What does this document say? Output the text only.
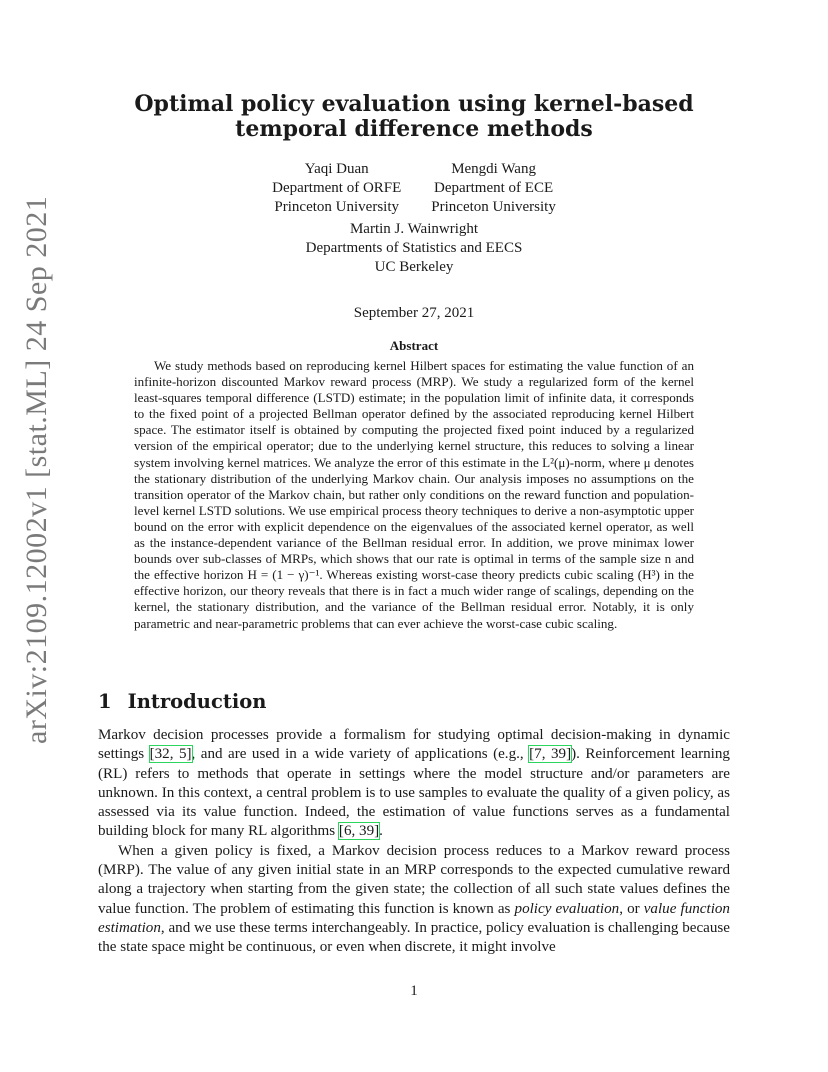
arXiv:2109.12002v1 [stat.ML] 24 Sep 2021
Optimal policy evaluation using kernel-based temporal difference methods
Yaqi Duan
Department of ORFE
Princeton University
Mengdi Wang
Department of ECE
Princeton University
Martin J. Wainwright
Departments of Statistics and EECS
UC Berkeley
September 27, 2021
Abstract

We study methods based on reproducing kernel Hilbert spaces for estimating the value function of an infinite-horizon discounted Markov reward process (MRP). We study a regularized form of the kernel least-squares temporal difference (LSTD) estimate; in the population limit of infinite data, it corresponds to the fixed point of a projected Bellman operator defined by the associated reproducing kernel Hilbert space. The estimator itself is obtained by computing the projected fixed point induced by a regularized version of the empirical operator; due to the underlying kernel structure, this reduces to solving a linear system involving kernel matrices. We analyze the error of this estimate in the L²(μ)-norm, where μ denotes the stationary distribution of the underlying Markov chain. Our analysis imposes no assumptions on the transition operator of the Markov chain, but rather only conditions on the reward function and population-level kernel LSTD solutions. We use empirical process theory techniques to derive a non-asymptotic upper bound on the error with explicit dependence on the eigenvalues of the associated kernel operator, as well as the instance-dependent variance of the Bellman residual error. In addition, we prove minimax lower bounds over sub-classes of MRPs, which shows that our rate is optimal in terms of the sample size n and the effective horizon H = (1 − γ)⁻¹. Whereas existing worst-case theory predicts cubic scaling (H³) in the effective horizon, our theory reveals that there is in fact a much wider range of scalings, depending on the kernel, the stationary distribution, and the variance of the Bellman residual error. Notably, it is only parametric and near-parametric problems that can ever achieve the worst-case cubic scaling.

1 Introduction

Markov decision processes provide a formalism for studying optimal decision-making in dynamic settings [32, 5], and are used in a wide variety of applications (e.g., [7, 39]). Reinforcement learning (RL) refers to methods that operate in settings where the model structure and/or parameters are unknown. In this context, a central problem is to use samples to evaluate the quality of a given policy, as assessed via its value function. Indeed, the estimation of value functions serves as a fundamental building block for many RL algorithms [6, 39].

When a given policy is fixed, a Markov decision process reduces to a Markov reward process (MRP). The value of any given initial state in an MRP corresponds to the expected cumulative reward along a trajectory when starting from the given state; the collection of all such state values defines the value function. The problem of estimating this function is known as policy evaluation, or value function estimation, and we use these terms interchangeably. In practice, policy evaluation is challenging because the state space might be continuous, or even when discrete, it might involve

1
